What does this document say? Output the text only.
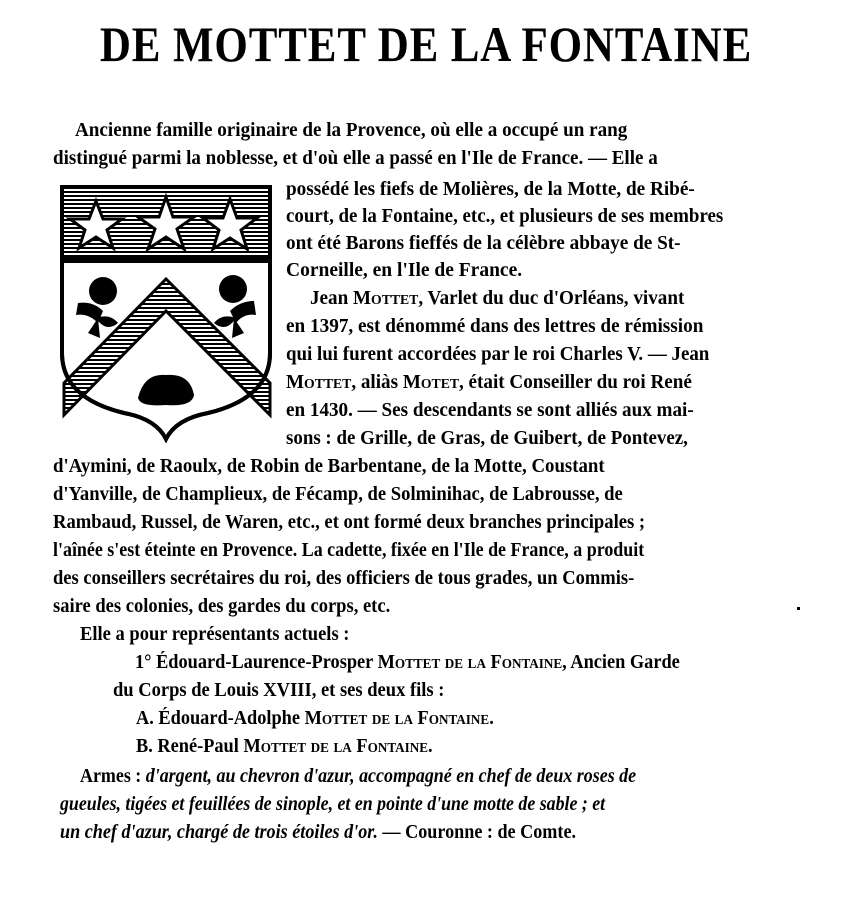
DE MOTTET DE LA FONTAINE
Ancienne famille originaire de la Provence, où elle a occupé un rang
distingué parmi la noblesse, et d'où elle a passé en l'Ile de France. — Elle a
possédé les fiefs de Molières, de la Motte, de Ribé-
court, de la Fontaine, etc., et plusieurs de ses membres
ont été Barons fieffés de la célèbre abbaye de St-
Corneille, en l'Ile de France.
Jean Mottet, Varlet du duc d'Orléans, vivant
en 1397, est dénommé dans des lettres de rémission
qui lui furent accordées par le roi Charles V. — Jean
Mottet, aliàs Motet, était Conseiller du roi René
en 1430. — Ses descendants se sont alliés aux mai-
sons : de Grille, de Gras, de Guibert, de Pontevez,
d'Aymini, de Raoulx, de Robin de Barbentane, de la Motte, Coustant
d'Yanville, de Champlieux, de Fécamp, de Solminihac, de Labrousse, de
Rambaud, Russel, de Waren, etc., et ont formé deux branches principales ;
l'aînée s'est éteinte en Provence. La cadette, fixée en l'Ile de France, a produit
des conseillers secrétaires du roi, des officiers de tous grades, un Commis-
saire des colonies, des gardes du corps, etc.
Elle a pour représentants actuels :
1° Édouard-Laurence-Prosper Mottet de la Fontaine, Ancien Garde
du Corps de Louis XVIII, et ses deux fils :
A. Édouard-Adolphe Mottet de la Fontaine.
B. René-Paul Mottet de la Fontaine.
Armes : d'argent, au chevron d'azur, accompagné en chef de deux roses de
gueules, tigées et feuillées de sinople, et en pointe d'une motte de sable ; et
un chef d'azur, chargé de trois étoiles d'or. — Couronne : de Comte.
